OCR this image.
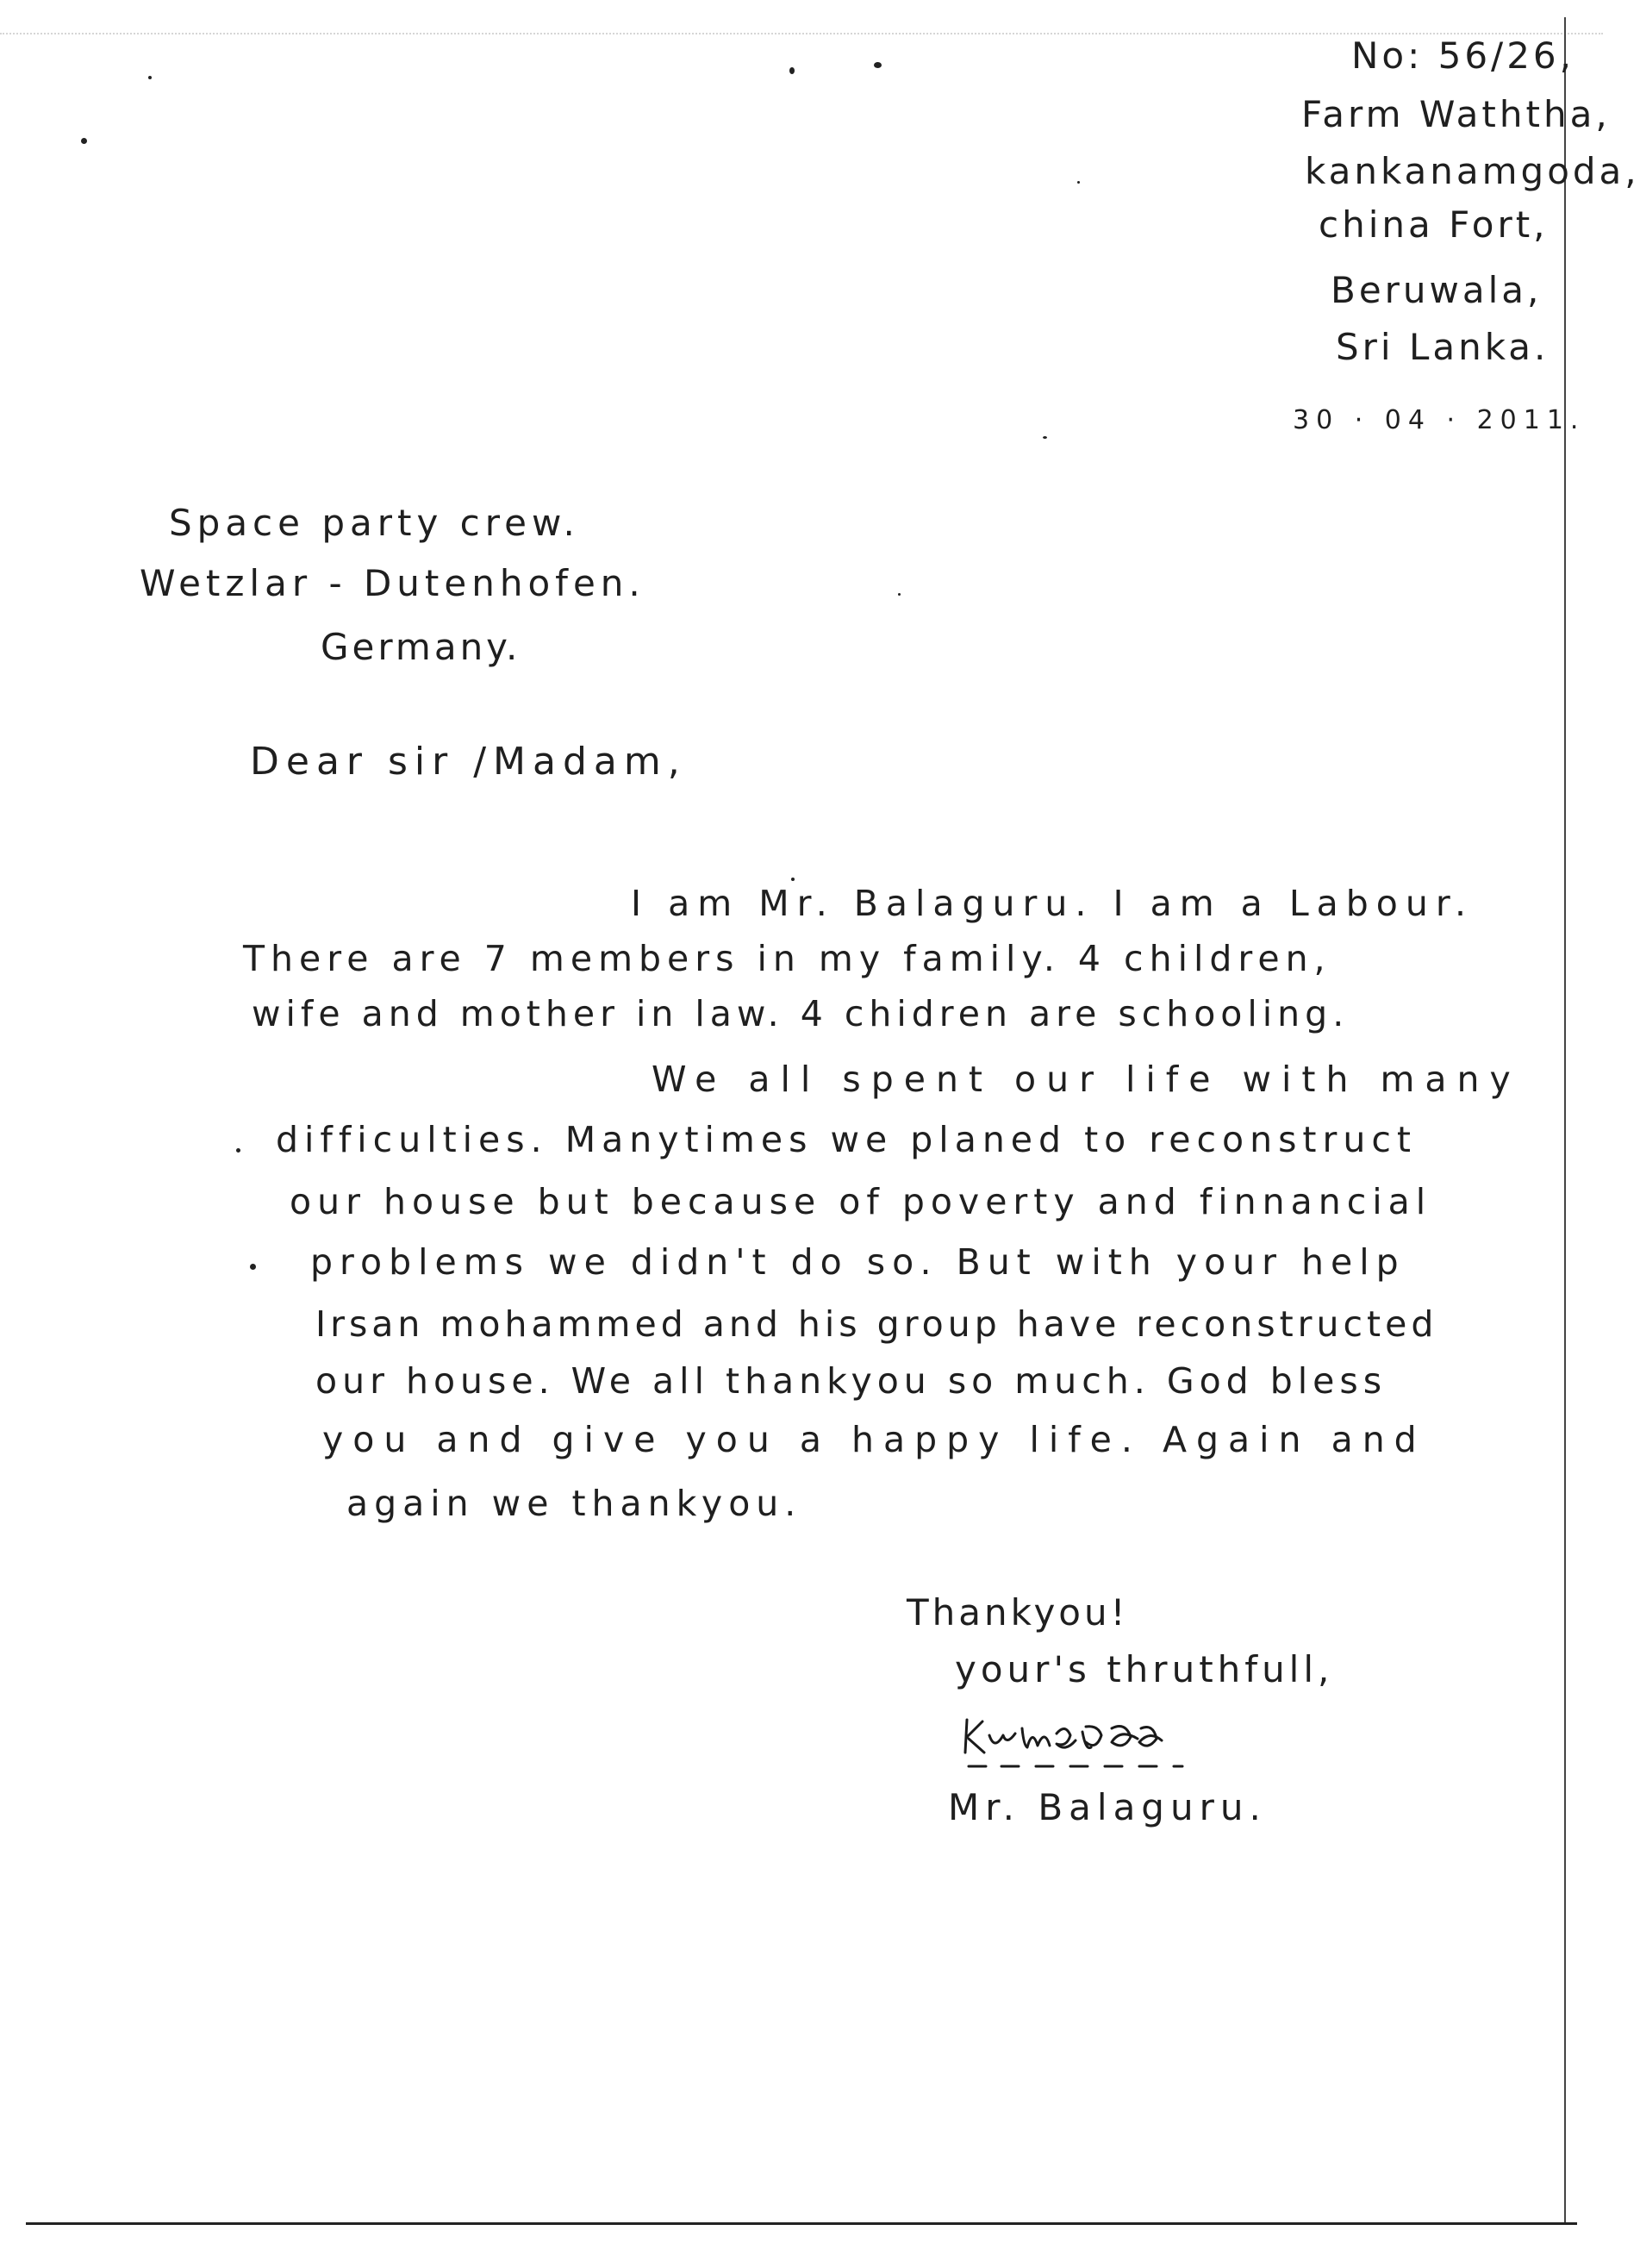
No: 56/26,
Farm Waththa,
kankanamgoda,
china Fort,
Beruwala,
Sri Lanka.
30 · 04 · 2011.
Space party crew.
Wetzlar - Dutenhofen.
Germany.
Dear sir /Madam,
I am Mr. Balaguru. I am a Labour.
There are 7 members in my family. 4 children,
wife and mother in law. 4 chidren are schooling.
We all spent our life with many
difficulties. Manytimes we planed to reconstruct
our house but because of poverty and finnancial
problems we didn't do so. But with your help
Irsan mohammed and his group have reconstructed
our house. We all thankyou so much. God bless
you and give you a happy life. Again and
again we thankyou.
Thankyou!
your's thruthfull,
Mr. Balaguru.
